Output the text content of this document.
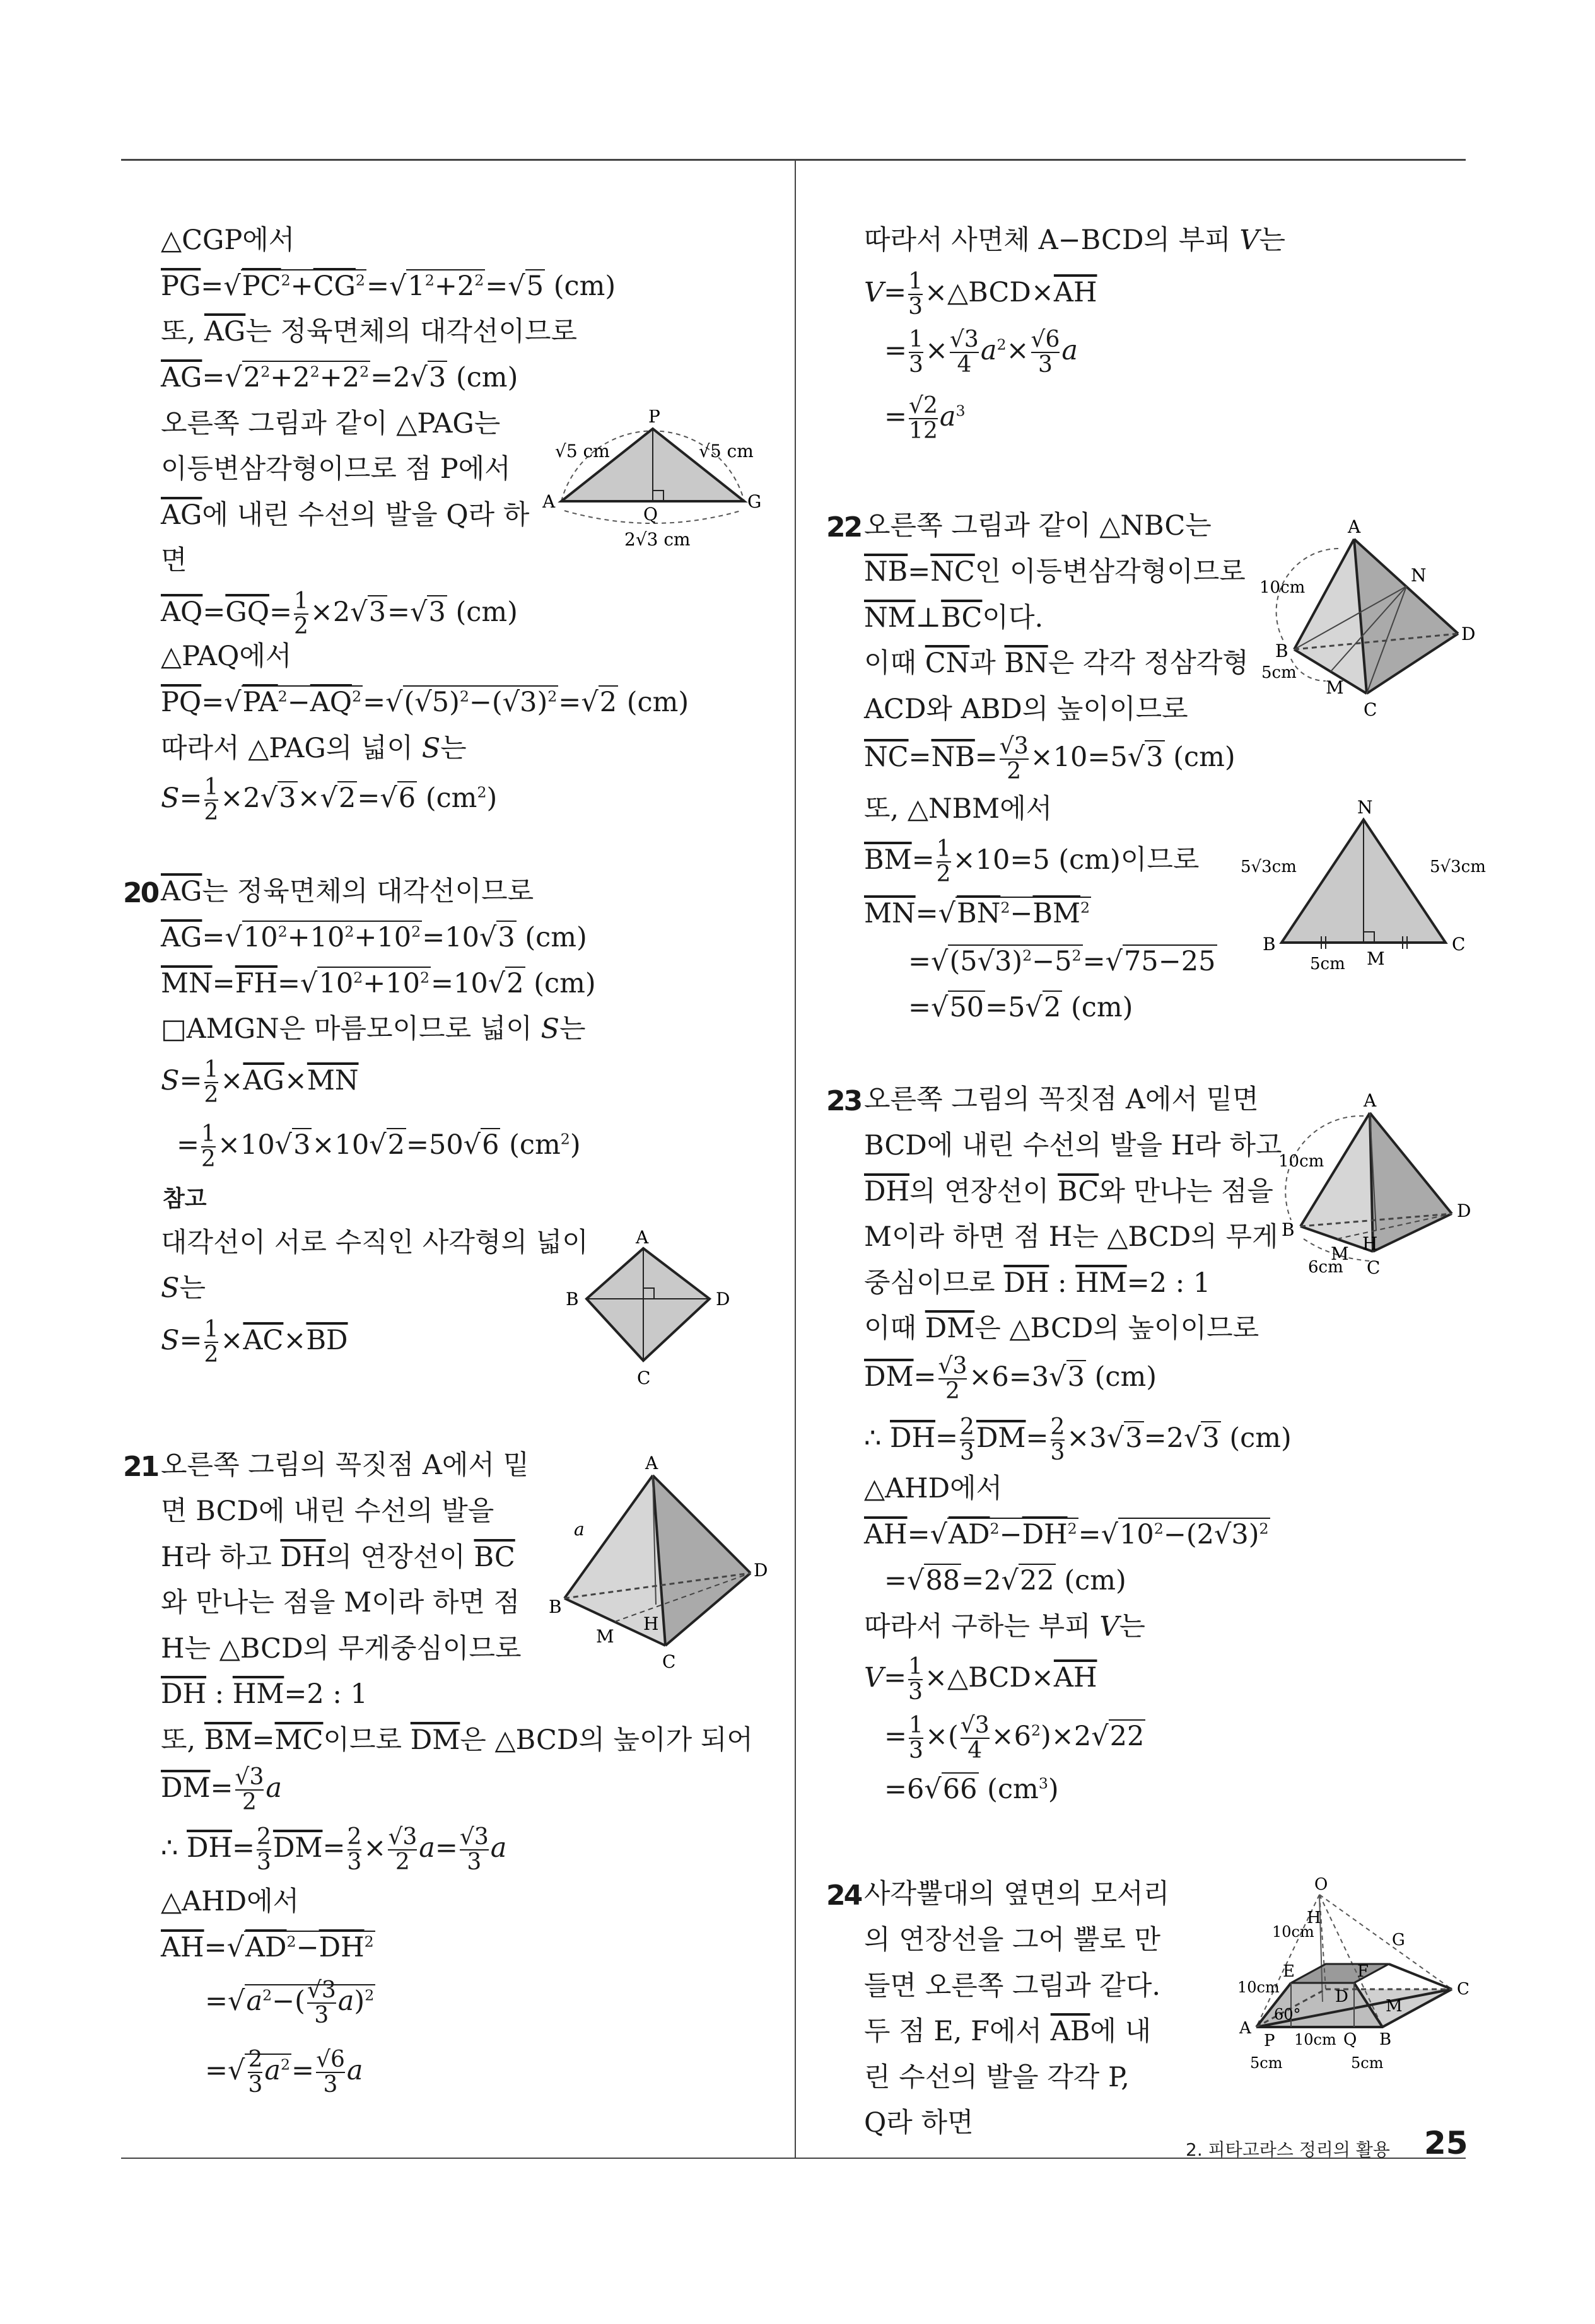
△CGP에서
$\overline{PG}=√PC^2+\overline{CG}^2=√1^2+2^2=√5$ (cm)
또, $\overline{AG}$는 정육면체의 대각선이므로
$\overline{AG}=√2^2+2^2+2^2=2√3$ (cm)
오른쪽 그림과 같이 △PAG는
이등변삼각형이므로 점 P에서
$\overline{AG}$에 내린 수선의 발을 Q라 하
면
$\overline{AQ}=\overline{GQ}= \frac{1}{2} \times 2√3=√3$ (cm)
△PAQ에서
$\overline{PQ}=√PA^2-\overline{AQ}^2=√(√5)^2-(√3)^2=√2$ (cm)
따라서 △PAG의 넓이 S는
$S= \frac{1}{2} \times 2√3\times√2=√6$ $(cm^2)$
P
A	G
Q
√5 cm	√5 cm
2√3 cm
20 $\overline{AG}$는 정육면체의 대각선이므로
$\overline{AG}=√10^2+10^2+10^2=10√3$ (cm)
$\overline{MN}=\overline{FH}=√10^2+10^2=10√2$ (cm)
□AMGN은 마름모이므로 넓이 S는
$S= \frac{1}{2} \times\overline{AG}\times\overline{MN}$
= $\frac{1}{2} \times 10√3\times 10√2=50√6$ $(cm^2)$
참고
대각선이 서로 수직인 사각형의 넓이
S는
$S= \frac{1}{2} \times\overline{AC}\times\overline{BD}$
A
B
C
D
21 오른쪽 그림의 꼭짓점 A에서 밑
면 BCD에 내린 수선의 발을
H라 하고 $\overline{DH}$의 연장선이 $\overline{BC}$
와 만나는 점을 M이라 하면 점
H는 △BCD의 무게중심이므로
$\overline{DH}$ : $\overline{HM}=2$ : 1
또, $\overline{BM}=\overline{MC}$이므로 $\overline{DM}$은 △BCD의 높이가 되어
$\overline{DM}= \frac{√3}{2}$ a
∴ $\overline{DH}= \frac{2}{3} \overline{DM}= \frac{2}{3} \times \frac{√3}{2} a= \frac{√3}{3}$ a
△AHD에서
$\overline{AH}=√AD^2-\overline{DH}^2$
$=√a^2-( \frac{√3}{3} a)^2$
=√ $\frac{2}{3} a^2= \frac{√6}{3}$ a
A
B
C
D
H
M
a
따라서 사면체 A−BCD의 부피 V는
$V= \frac{1}{3}$ $\times\triangle BCD\times\overline{AH}$
= $\frac{1}{3} \times \frac{√3}{4} a^2\times \frac{√6}{3}$ a
= $\frac{√2}{12} a^3$
22 오른쪽 그림과 같이 △NBC는
$\overline{NB}=\overline{NC}$인 이등변삼각형이므로
$\overline{NM}\perp\overline{BC}$이다.
이때 $\overline{CN}$과 $\overline{BN}$은 각각 정삼각형
ACD와 ABD의 높이이므로
$\overline{NC}=\overline{NB}= \frac{√3}{2} \times 10=5√3$ (cm)
또, △NBM에서
$\overline{BM}= \frac{1}{2} \times 10=5$ (cm)이므로
$\overline{MN}=√BN^2-\overline{BM}^2$
$=√(5√3)^2-5^2=√75-25$
=√50=5√2 (cm)
A
B
C
D
N
M
10cm
5cm
N
B	C
M
5√3cm	5√3cm
5cm
23 오른쪽 그림의 꼭짓점 A에서 밑면
BCD에 내린 수선의 발을 H라 하고
$\overline{DH}$의 연장선이 $\overline{BC}$와 만나는 점을
M이라 하면 점 H는 △BCD의 무게
중심이므로 $\overline{DH}$ : $\overline{HM}=2$ : 1
이때 $\overline{DM}$은 △BCD의 높이이므로
$\overline{DM}= \frac{√3}{2} \times 6=3√3$ (cm)
∴ $\overline{DH}= \frac{2}{3} \overline{DM}= \frac{2}{3} \times 3√3=2√3$ (cm)
△AHD에서
$\overline{AH}=√AD^2-\overline{DH}^2=√10^2-(2√3)^2$
=√88=2√22 (cm)
따라서 구하는 부피 V는
$V= \frac{1}{3}$ $\times\triangle BCD\times\overline{AH}$
= $\frac{1}{3}$ ×( $\frac{√3}{4} \times 6^2)\times 2√22$
=6√66 $(cm^3)$
A
B
C
D
H
M
10cm
6cm
24 사각뿔대의 옆면의 모서리
의 연장선을 그어 뿔로 만
들면 오른쪽 그림과 같다.
두 점 E, F에서 $\overline{AB}$에 내
린 수선의 발을 각각 P,
Q라 하면
O
H
G
E	F
C
D M
A
P	Q B
10cm
10cm
60°
10cm
5cm	5cm
2. 피타고라스 정리의 활용 25
